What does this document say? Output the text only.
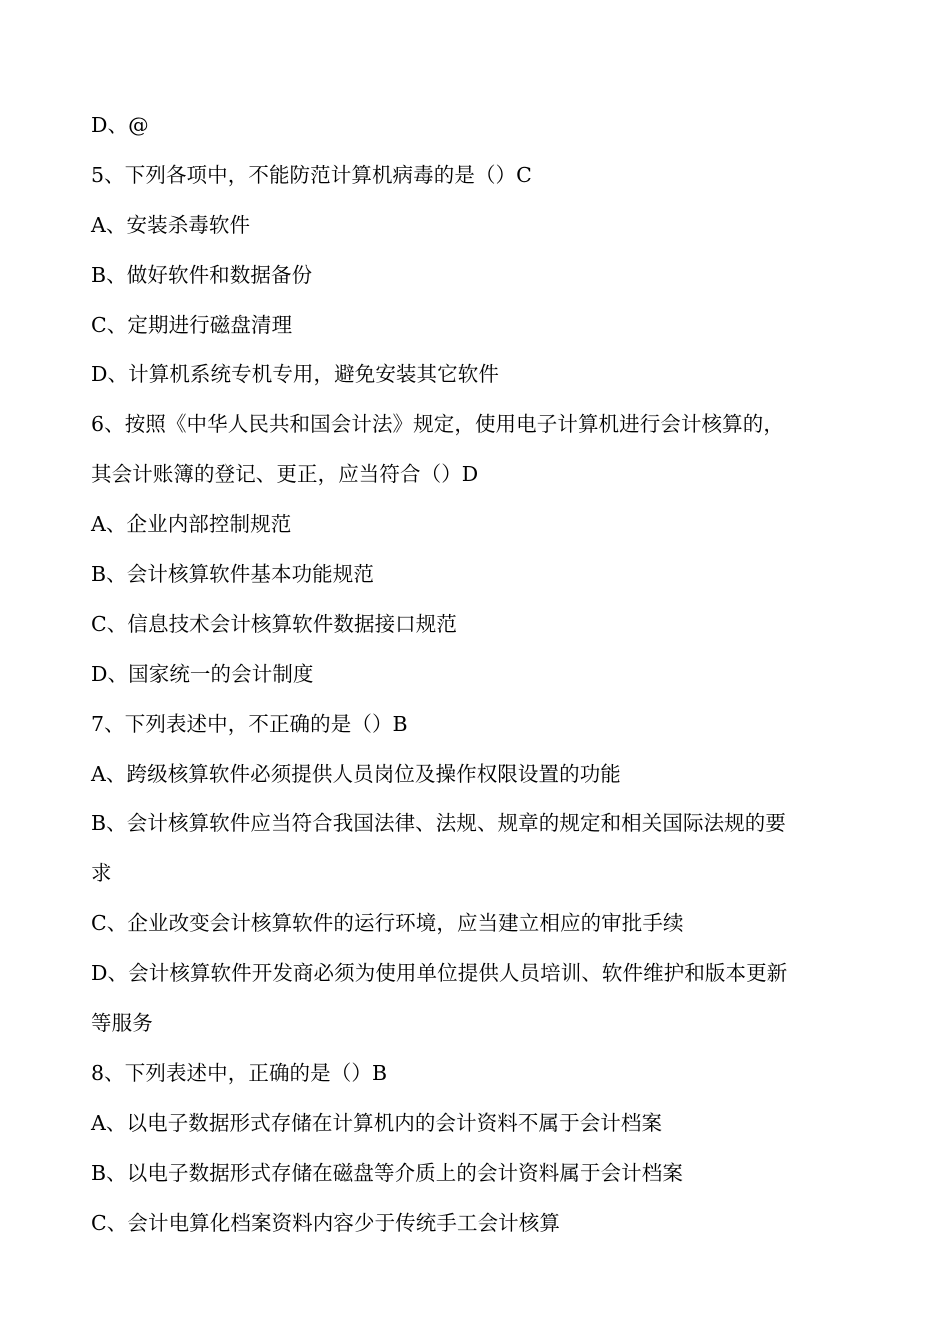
D、@
5、下列各项中，不能防范计算机病毒的是（）C
A、安装杀毒软件
B、做好软件和数据备份
C、定期进行磁盘清理
D、计算机系统专机专用，避免安装其它软件
6、按照《中华人民共和国会计法》规定，使用电子计算机进行会计核算的，
其会计账簿的登记、更正，应当符合（）D
A、企业内部控制规范
B、会计核算软件基本功能规范
C、信息技术会计核算软件数据接口规范
D、国家统一的会计制度
7、下列表述中，不正确的是（）B
A、跨级核算软件必须提供人员岗位及操作权限设置的功能
B、会计核算软件应当符合我国法律、法规、规章的规定和相关国际法规的要
求
C、企业改变会计核算软件的运行环境，应当建立相应的审批手续
D、会计核算软件开发商必须为使用单位提供人员培训、软件维护和版本更新
等服务
8、下列表述中，正确的是（）B
A、以电子数据形式存储在计算机内的会计资料不属于会计档案
B、以电子数据形式存储在磁盘等介质上的会计资料属于会计档案
C、会计电算化档案资料内容少于传统手工会计核算
